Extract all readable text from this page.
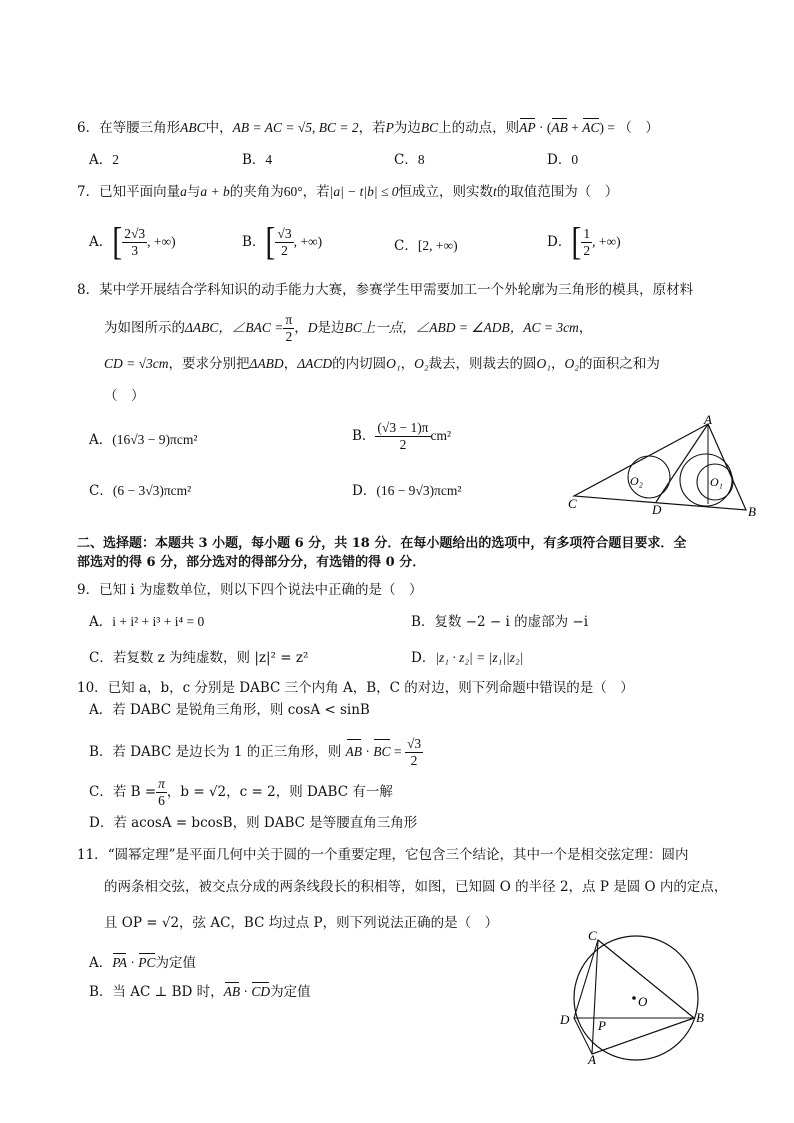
6．在等腰三角形ABC中，AB = AC = √5, BC = 2，若P为边BC上的动点，则AP · (AB + AC) = （　）
A．2	B．4	C．8	D．0
7．已知平面向量a与a + b的夹角为60°，若|a| − t|b| ≤ 0恒成立，则实数t的取值范围为（　）
A．[ $\frac{2√3}{3}$ , +∞)	B．[ $\frac{√3}{2}$ , +∞)	C．[2, +∞)	D．[ $\frac{1}{2}$ , +∞)
8．某中学开展结合学科知识的动手能力大赛，参赛学生甲需要加工一个外轮廓为三角形的模具，原材料
为如图所示的ΔABC，∠BAC = $\frac{\pi}{2}$ ，D是边BC上一点，∠ABD = ∠ADB，AC = 3cm，
CD = √3cm，要求分别把ΔABD，ΔACD的内切圆O₁，O₂裁去，则裁去的圆O₁，O₂的面积之和为
（　）
A．(16√3 − 9)πcm²	B． $\frac{(√3 - 1)\pi}{2} cm^2$
C．(6 − 3√3)πcm²	D．(16 − 9√3)πcm²
A
B
C	D
O₂	O₁
二、选择题：本题共 3 小题，每小题 6 分，共 18 分．在每小题给出的选项中，有多项符合题目要求．全
部选对的得 6 分，部分选对的得部分分，有选错的得 0 分．
9．已知 i 为虚数单位，则以下四个说法中正确的是（　）
A．i + i² + i³ + i⁴ = 0	B．复数 −2 − i 的虚部为 −i
C．若复数 z 为纯虚数，则 |z|² = z²	D．|z₁ · z₂| = |z₁||z₂|
10．已知 a，b，c 分别是 DABC 三个内角 A，B，C 的对边，则下列命题中错误的是（　）
A．若 DABC 是锐角三角形，则 cosA < sinB
B．若 DABC 是边长为 1 的正三角形，则 AB · BC = $\frac{√3}{2}$
C．若 $B = \frac{\pi}{6}$ ，b = √2，c = 2，则 DABC 有一解
D．若 acosA = bcosB，则 DABC 是等腰直角三角形
11．“圆幂定理”是平面几何中关于圆的一个重要定理，它包含三个结论，其中一个是相交弦定理：圆内
的两条相交弦，被交点分成的两条线段长的积相等，如图，已知圆 O 的半径 2，点 P 是圆 O 内的定点，
且 OP = √2，弦 AC，BC 均过点 P，则下列说法正确的是（　）
A．PA · PC为定值
B．当 AC ⊥ BD 时，AB · CD为定值
C
O
D P
B
A
